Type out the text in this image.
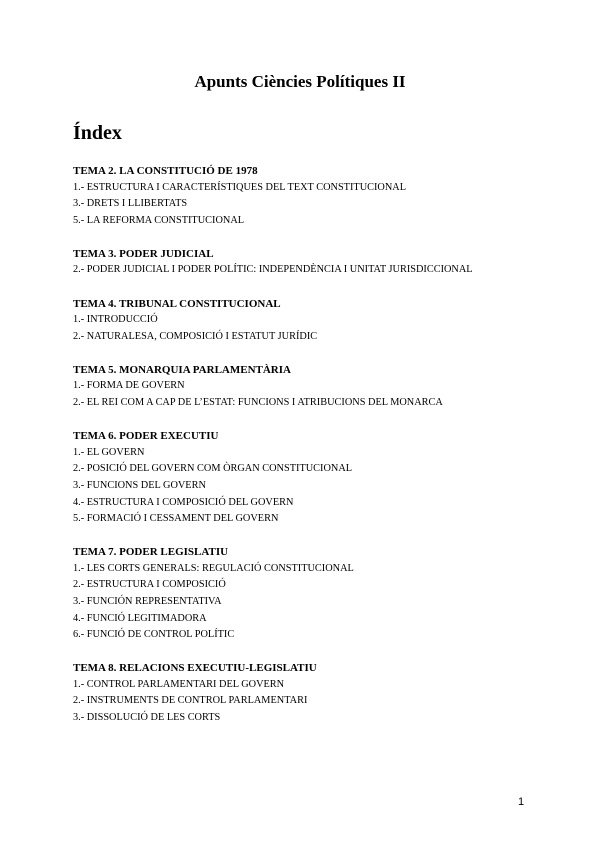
Apunts Ciències Polítiques II
Índex
TEMA 2. LA CONSTITUCIÓ DE 1978
1.- ESTRUCTURA I CARACTERÍSTIQUES DEL TEXT CONSTITUCIONAL
3.- DRETS I LLIBERTATS
5.- LA REFORMA CONSTITUCIONAL
TEMA 3. PODER JUDICIAL
2.- PODER JUDICIAL I PODER POLÍTIC: INDEPENDÈNCIA I UNITAT JURISDICCIONAL
TEMA 4. TRIBUNAL CONSTITUCIONAL
1.- INTRODUCCIÓ
2.- NATURALESA, COMPOSICIÓ I ESTATUT JURÍDIC
TEMA 5. MONARQUIA PARLAMENTÀRIA
1.- FORMA DE GOVERN
2.- EL REI COM A CAP DE L’ESTAT: FUNCIONS I ATRIBUCIONS DEL MONARCA
TEMA 6. PODER EXECUTIU
1.- EL GOVERN
2.- POSICIÓ DEL GOVERN COM ÒRGAN CONSTITUCIONAL
3.- FUNCIONS DEL GOVERN
4.- ESTRUCTURA I COMPOSICIÓ DEL GOVERN
5.- FORMACIÓ I CESSAMENT DEL GOVERN
TEMA 7. PODER LEGISLATIU
1.- LES CORTS GENERALS: REGULACIÓ CONSTITUCIONAL
2.- ESTRUCTURA I COMPOSICIÓ
3.- FUNCIÓN REPRESENTATIVA
4.- FUNCIÓ LEGITIMADORA
6.- FUNCIÓ DE CONTROL POLÍTIC
TEMA 8. RELACIONS EXECUTIU-LEGISLATIU
1.- CONTROL PARLAMENTARI DEL GOVERN
2.- INSTRUMENTS DE CONTROL PARLAMENTARI
3.- DISSOLUCIÓ DE LES CORTS
1
